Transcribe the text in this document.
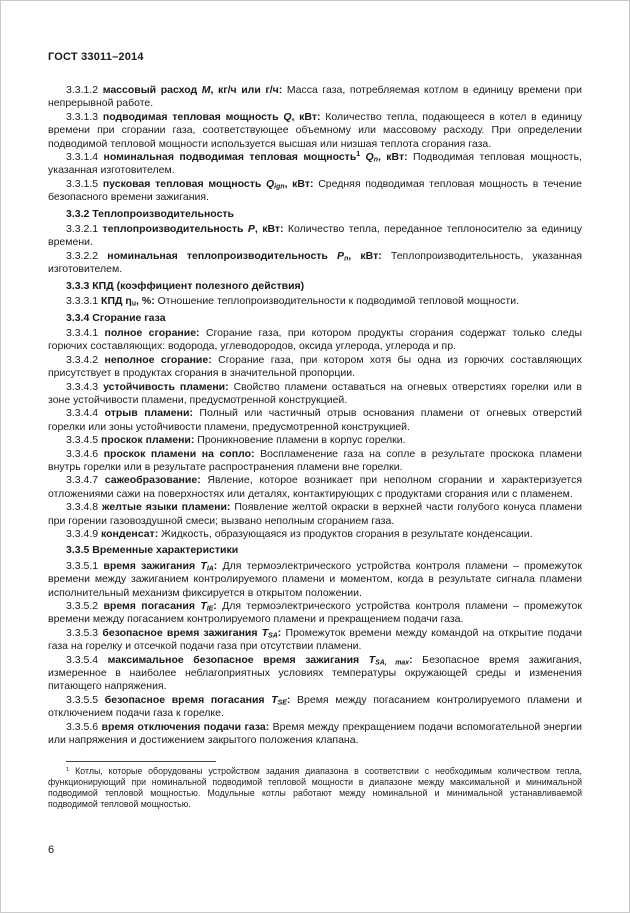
ГОСТ 33011–2014

3.3.1.2 массовый расход М, кг/ч или г/ч: Масса газа, потребляемая котлом в единицу времени при непрерывной работе.

3.3.1.3 подводимая тепловая мощность Q, кВт: Количество тепла, подающееся в котел в единицу времени при сгорании газа, соответствующее объемному или массовому расходу. При определении подводимой тепловой мощности используется высшая или низшая теплота сгорания газа.

3.3.1.4 номинальная подводимая тепловая мощность$^1$ $Q_n$, кВт: Подводимая тепловая мощность, указанная изготовителем.

3.3.1.5 пусковая тепловая мощность $Q_{ign}$, кВт: Средняя подводимая тепловая мощность в течение безопасного времени зажигания.

3.3.2 Теплопроизводительность

3.3.2.1 теплопроизводительность Р, кВт: Количество тепла, переданное теплоносителю за единицу времени.

3.3.2.2 номинальная теплопроизводительность $Р_n$, кВт: Теплопроизводительность, указанная изготовителем.

3.3.3 КПД (коэффициент полезного действия)

3.3.3.1 КПД $\eta_u$, %: Отношение теплопроизводительности к подводимой тепловой мощности.

3.3.4 Сгорание газа

3.3.4.1 полное сгорание: Сгорание газа, при котором продукты сгорания содержат только следы горючих составляющих: водорода, углеводородов, оксида углерода, углерода и пр.

3.3.4.2 неполное сгорание: Сгорание газа, при котором хотя бы одна из горючих составляющих присутствует в продуктах сгорания в значительной пропорции.

3.3.4.3 устойчивость пламени: Свойство пламени оставаться на огневых отверстиях горелки или в зоне устойчивости пламени, предусмотренной конструкцией.

3.3.4.4 отрыв пламени: Полный или частичный отрыв основания пламени от огневых отверстий горелки или зоны устойчивости пламени, предусмотренной конструкцией.

3.3.4.5 проскок пламени: Проникновение пламени в корпус горелки.

3.3.4.6 проскок пламени на сопло: Воспламенение газа на сопле в результате проскока пламени внутрь горелки или в результате распространения пламени вне горелки.

3.3.4.7 сажеобразование: Явление, которое возникает при неполном сгорании и характеризуется отложениями сажи на поверхностях или деталях, контактирующих с продуктами сгорания или с пламенем.

3.3.4.8 желтые языки пламени: Появление желтой окраски в верхней части голубого конуса пламени при горении газовоздушной смеси; вызвано неполным сгоранием газа.

3.3.4.9 конденсат: Жидкость, образующаяся из продуктов сгорания в результате конденсации.

3.3.5 Временные характеристики

3.3.5.1 время зажигания $T_{IA}$: Для термоэлектрического устройства контроля пламени – промежуток времени между зажиганием контролируемого пламени и моментом, когда в результате сигнала пламени исполнительный механизм фиксируется в открытом положении.

3.3.5.2 время погасания $T_{IE}$: Для термоэлектрического устройства контроля пламени – промежуток времени между погасанием контролируемого пламени и прекращением подачи газа.

3.3.5.3 безопасное время зажигания $T_{SA}$: Промежуток времени между командой на открытие подачи газа на горелку и отсечкой подачи газа при отсутствии пламени.

3.3.5.4 максимальное безопасное время зажигания $T_{SA, max}$: Безопасное время зажигания, измеренное в наиболее неблагоприятных условиях температуры окружающей среды и изменения питающего напряжения.

3.3.5.5 безопасное время погасания $T_{SE}$: Время между погасанием контролируемого пламени и отключением подачи газа к горелке.

3.3.5.6 время отключения подачи газа: Время между прекращением подачи вспомогательной энергии или напряжения и достижением закрытого положения клапана.

$^1$ Котлы, которые оборудованы устройством задания диапазона в соответствии с необходимым количеством тепла, функционирующий при номинальной подводимой тепловой мощности в диапазоне между максимальной и минимальной подводимой тепловой мощностью. Модульные котлы работают между номинальной и минимальной устанавливаемой подводимой тепловой мощностью.
6
